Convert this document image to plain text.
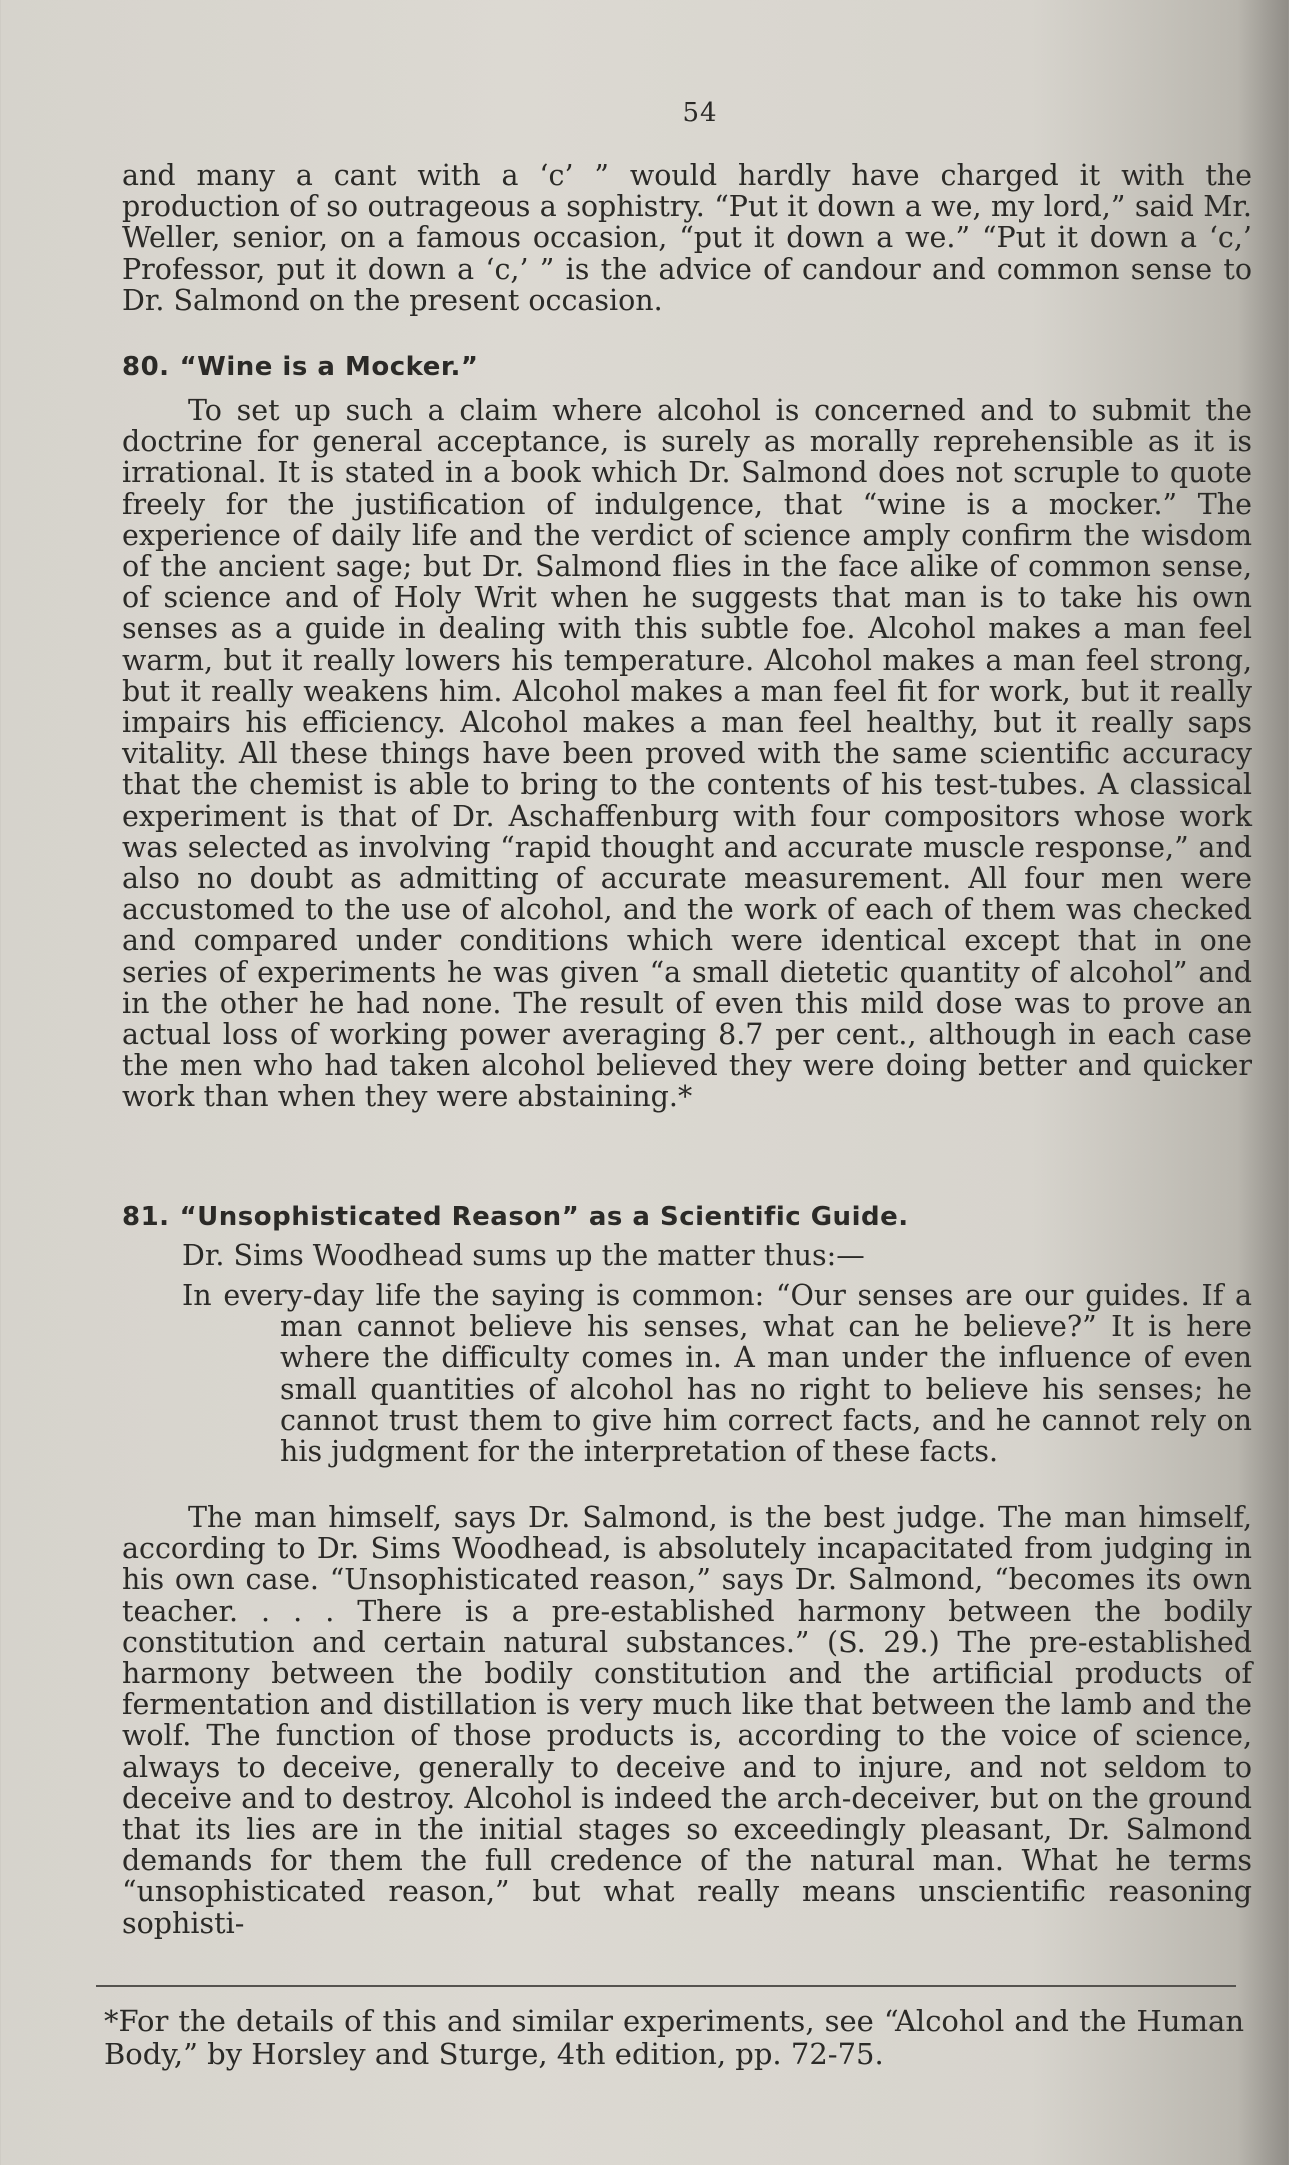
54

and many a cant with a ‘c’ ” would hardly have charged it with the production of so outrageous a sophistry. “Put it down a we, my lord,” said Mr. Weller, senior, on a famous occasion, “put it down a we.” “Put it down a ‘c,’ Professor, put it down a ‘c,’ ” is the advice of candour and common sense to Dr. Salmond on the present occasion.

80. “Wine is a Mocker.”

To set up such a claim where alcohol is concerned and to submit the doctrine for general acceptance, is surely as morally reprehensible as it is irrational. It is stated in a book which Dr. Salmond does not scruple to quote freely for the justification of indulgence, that “wine is a mocker.” The experience of daily life and the verdict of science amply confirm the wisdom of the ancient sage; but Dr. Salmond flies in the face alike of common sense, of science and of Holy Writ when he suggests that man is to take his own senses as a guide in dealing with this subtle foe. Alcohol makes a man feel warm, but it really lowers his temperature. Alcohol makes a man feel strong, but it really weakens him. Alcohol makes a man feel fit for work, but it really impairs his efficiency. Alcohol makes a man feel healthy, but it really saps vitality. All these things have been proved with the same scientific accuracy that the chemist is able to bring to the contents of his test-tubes. A classical experiment is that of Dr. Aschaffenburg with four compositors whose work was selected as involving “rapid thought and accurate muscle response,” and also no doubt as admitting of accurate measurement. All four men were accustomed to the use of alcohol, and the work of each of them was checked and compared under conditions which were identical except that in one series of experiments he was given “a small dietetic quantity of alcohol” and in the other he had none. The result of even this mild dose was to prove an actual loss of working power averaging 8.7 per cent., although in each case the men who had taken alcohol believed they were doing better and quicker work than when they were abstaining.*

81. “Unsophisticated Reason” as a Scientific Guide.
Dr. Sims Woodhead sums up the matter thus:—
In every-day life the saying is common: “Our senses are our guides. If a man cannot believe his senses, what can he believe?” It is here where the difficulty comes in. A man under the influence of even small quantities of alcohol has no right to believe his senses; he cannot trust them to give him correct facts, and he cannot rely on his judgment for the interpretation of these facts.

The man himself, says Dr. Salmond, is the best judge. The man himself, according to Dr. Sims Woodhead, is absolutely incapacitated from judging in his own case. “Unsophisticated reason,” says Dr. Salmond, “becomes its own teacher. . . . There is a pre-established harmony between the bodily constitution and certain natural substances.” (S. 29.) The pre-established harmony between the bodily constitution and the artificial products of fermentation and distillation is very much like that between the lamb and the wolf. The function of those products is, according to the voice of science, always to deceive, generally to deceive and to injure, and not seldom to deceive and to destroy. Alcohol is indeed the arch-deceiver, but on the ground that its lies are in the initial stages so exceedingly pleasant, Dr. Salmond demands for them the full credence of the natural man. What he terms “unsophisticated reason,” but what really means unscientific reasoning sophisti-

*For the details of this and similar experiments, see “Alcohol and the Human Body,” by Horsley and Sturge, 4th edition, pp. 72-75.
